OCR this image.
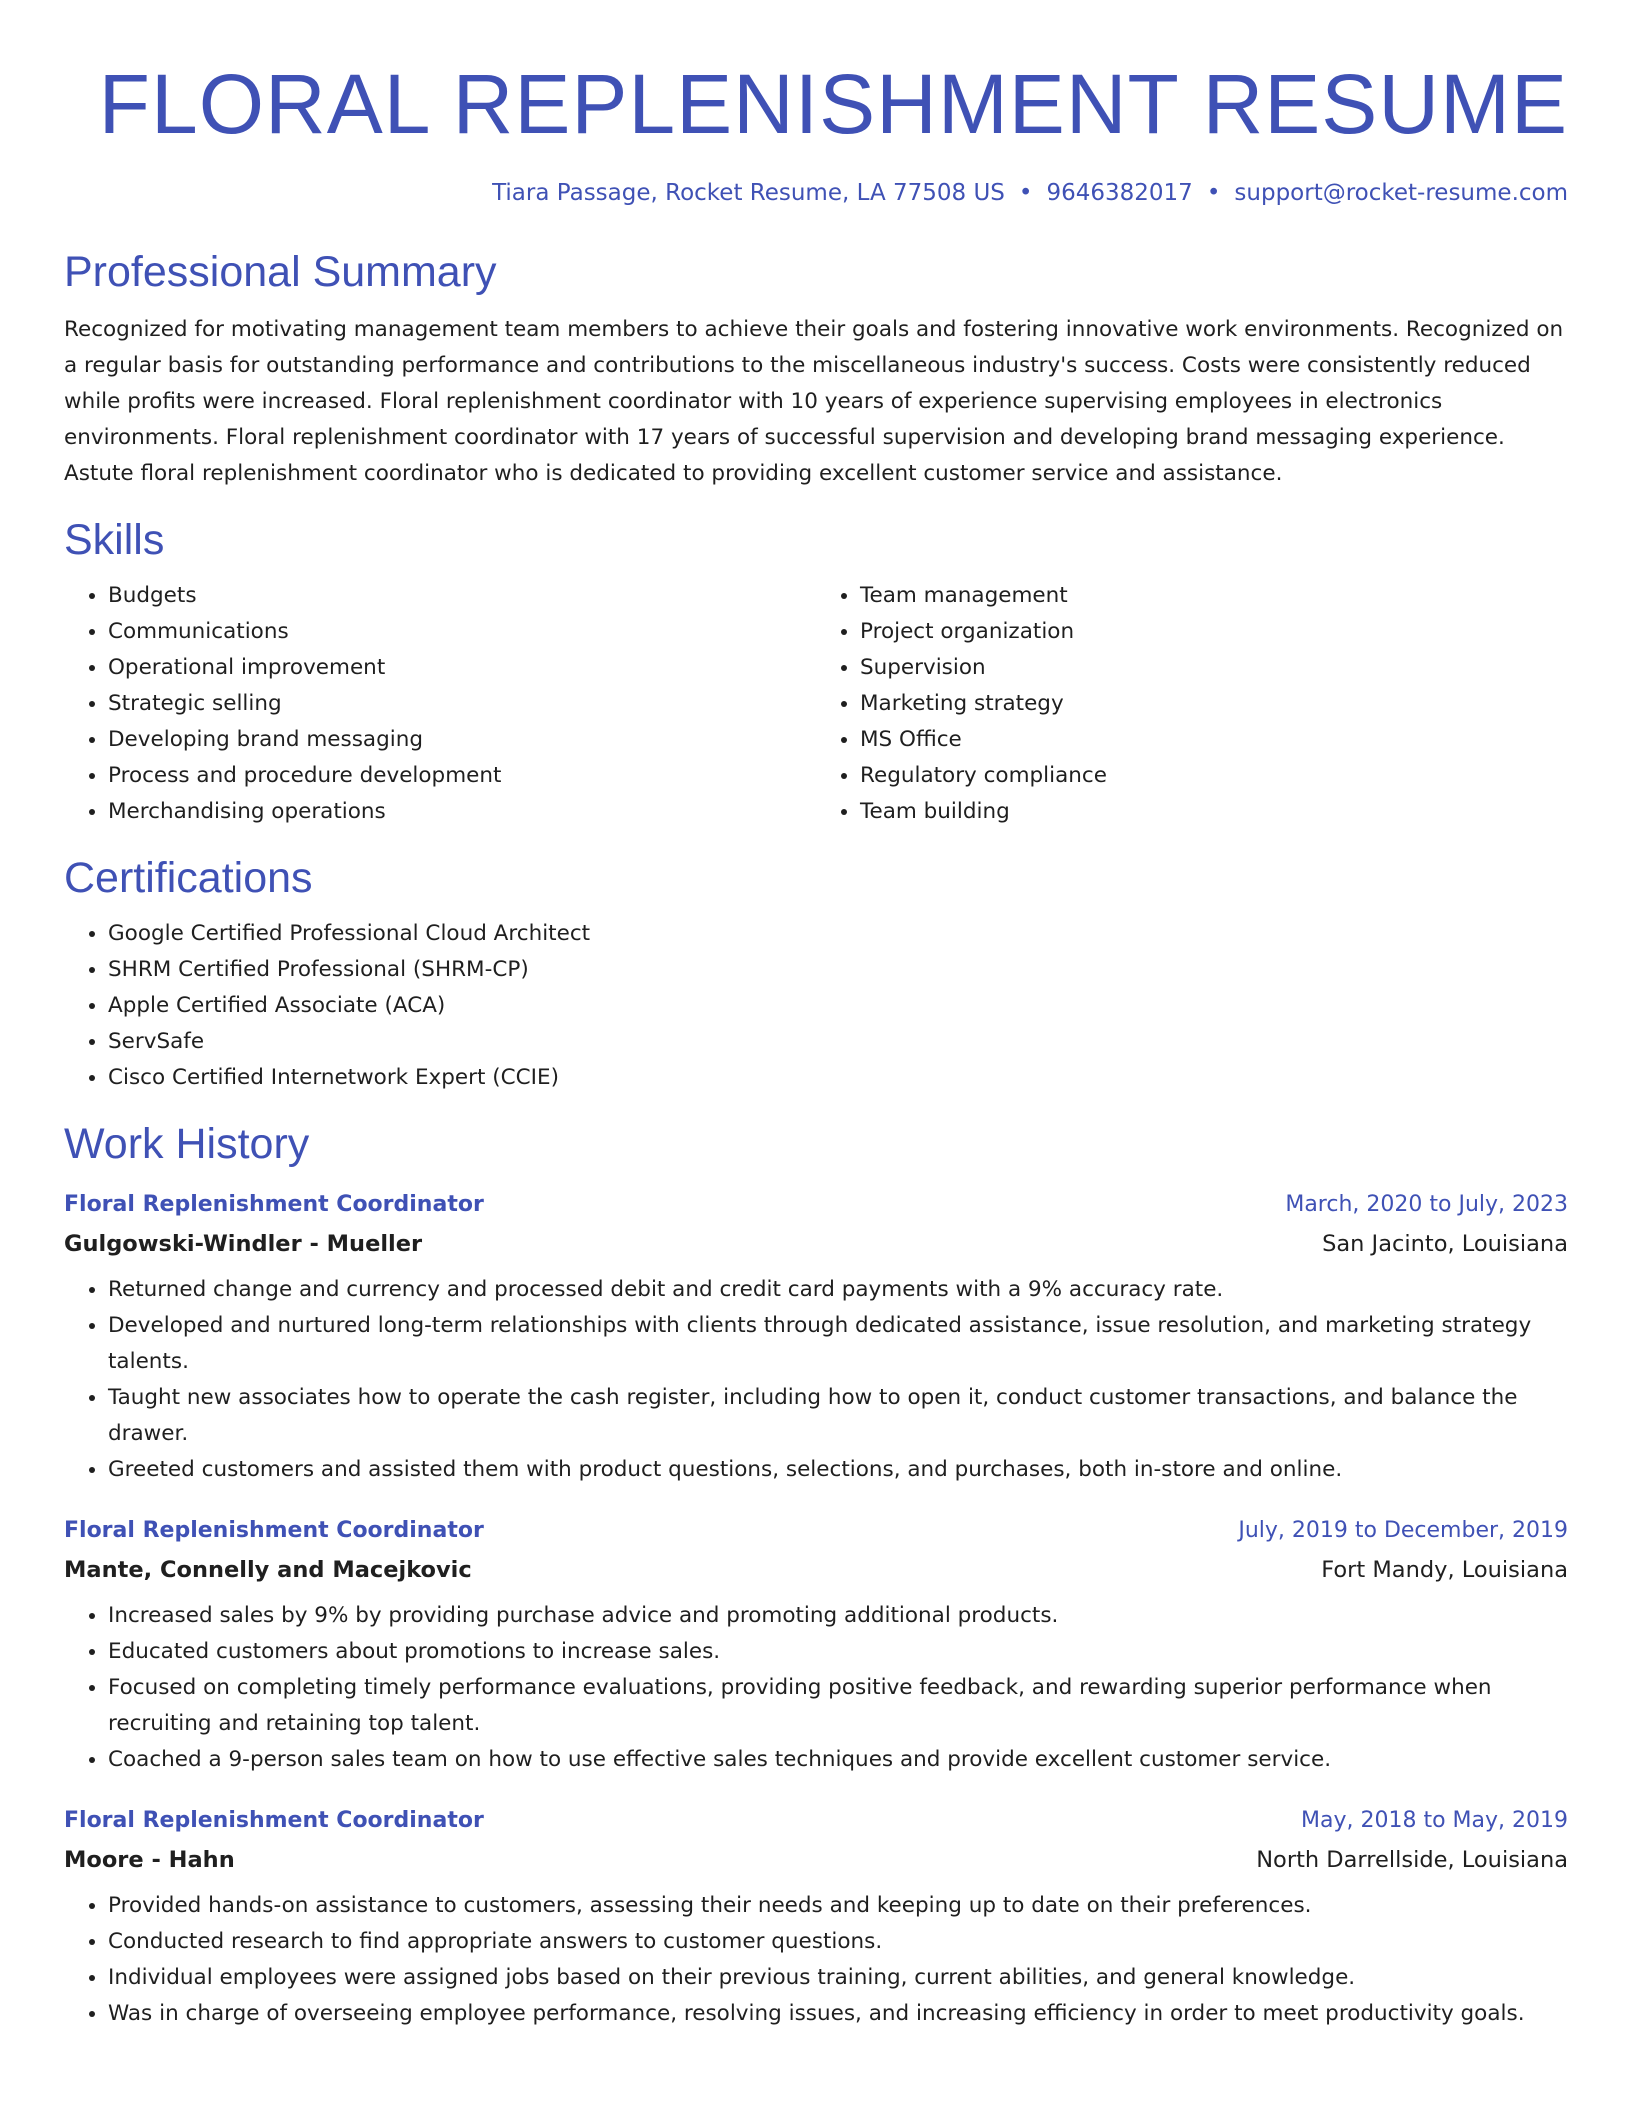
FLORAL REPLENISHMENT RESUME
Tiara Passage, Rocket Resume, LA 77508 US • 9646382017 • support@rocket-resume.com
Professional Summary

Recognized for motivating management team members to achieve their goals and fostering innovative work environments. Recognized on a regular basis for outstanding performance and contributions to the miscellaneous industry's success. Costs were consistently reduced while profits were increased. Floral replenishment coordinator with 10 years of experience supervising employees in electronics environments. Floral replenishment coordinator with 17 years of successful supervision and developing brand messaging experience. Astute floral replenishment coordinator who is dedicated to providing excellent customer service and assistance.

Skills
• Budgets
• Communications
• Operational improvement
• Strategic selling
• Developing brand messaging
• Process and procedure development
• Merchandising operations
• Team management
• Project organization
• Supervision
• Marketing strategy
• MS Office
• Regulatory compliance
• Team building
Certifications
• Google Certified Professional Cloud Architect
• SHRM Certified Professional (SHRM-CP)
• Apple Certified Associate (ACA)
• ServSafe
• Cisco Certified Internetwork Expert (CCIE)
Work History
Floral Replenishment Coordinator	March, 2020 to July, 2023
Gulgowski-Windler - Mueller	San Jacinto, Louisiana
• Returned change and currency and processed debit and credit card payments with a 9% accuracy rate.
• Developed and nurtured long-term relationships with clients through dedicated assistance, issue resolution, and marketing strategy talents.
• Taught new associates how to operate the cash register, including how to open it, conduct customer transactions, and balance the drawer.
• Greeted customers and assisted them with product questions, selections, and purchases, both in-store and online.
Floral Replenishment Coordinator	July, 2019 to December, 2019
Mante, Connelly and Macejkovic	Fort Mandy, Louisiana
• Increased sales by 9% by providing purchase advice and promoting additional products.
• Educated customers about promotions to increase sales.
• Focused on completing timely performance evaluations, providing positive feedback, and rewarding superior performance when recruiting and retaining top talent.
• Coached a 9-person sales team on how to use effective sales techniques and provide excellent customer service.
Floral Replenishment Coordinator	May, 2018 to May, 2019
Moore - Hahn	North Darrellside, Louisiana
• Provided hands-on assistance to customers, assessing their needs and keeping up to date on their preferences.
• Conducted research to find appropriate answers to customer questions.
• Individual employees were assigned jobs based on their previous training, current abilities, and general knowledge.
• Was in charge of overseeing employee performance, resolving issues, and increasing efficiency in order to meet productivity goals.
